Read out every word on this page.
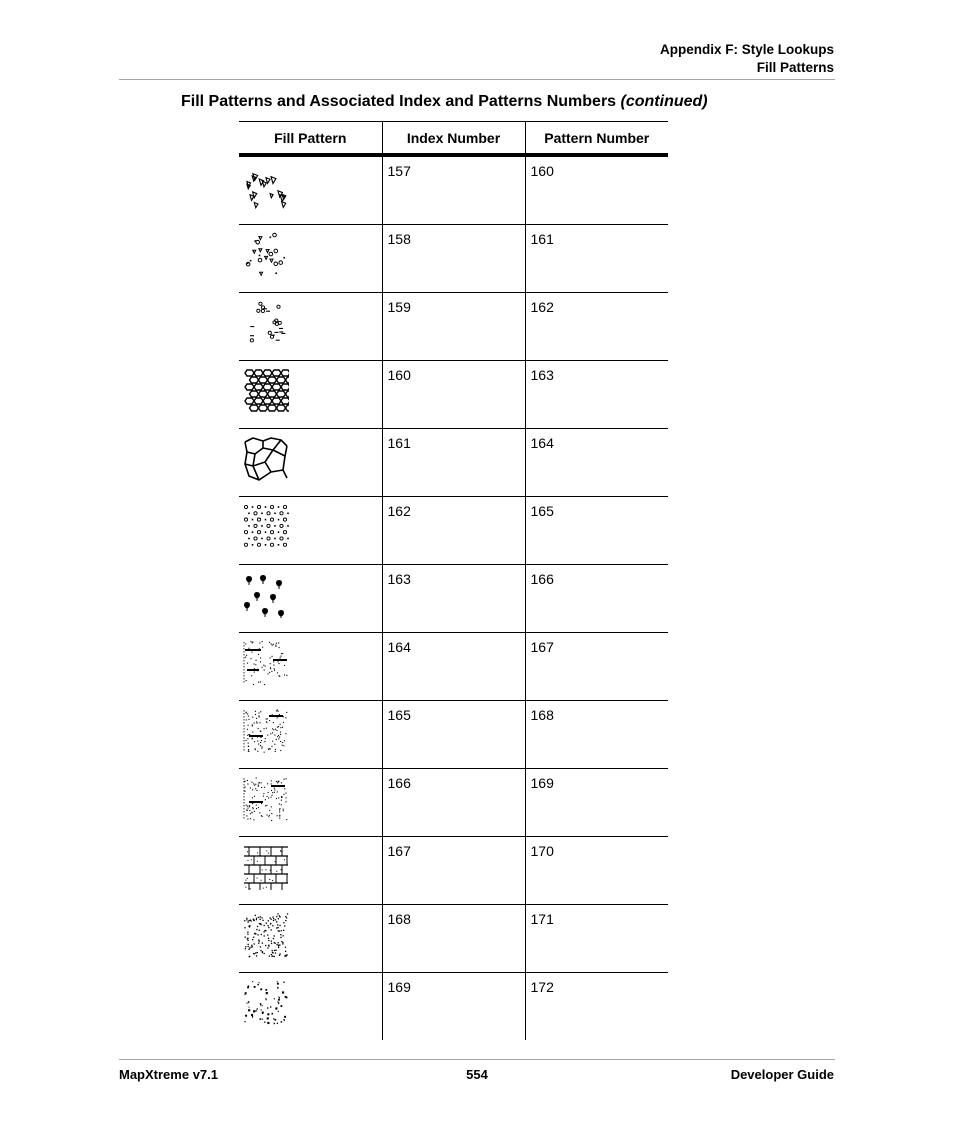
Appendix F: Style Lookups
Fill Patterns
Fill Patterns and Associated Index and Patterns Numbers (continued)
Fill Pattern	Index Number	Pattern Number

	157	160

	158	161

	159	162

	160	163

	161	164

	162	165

	163	166

	164	167

	165	168

	166	169

	167	170

	168	171

	169	172
MapXtreme v7.1	554	Developer Guide
